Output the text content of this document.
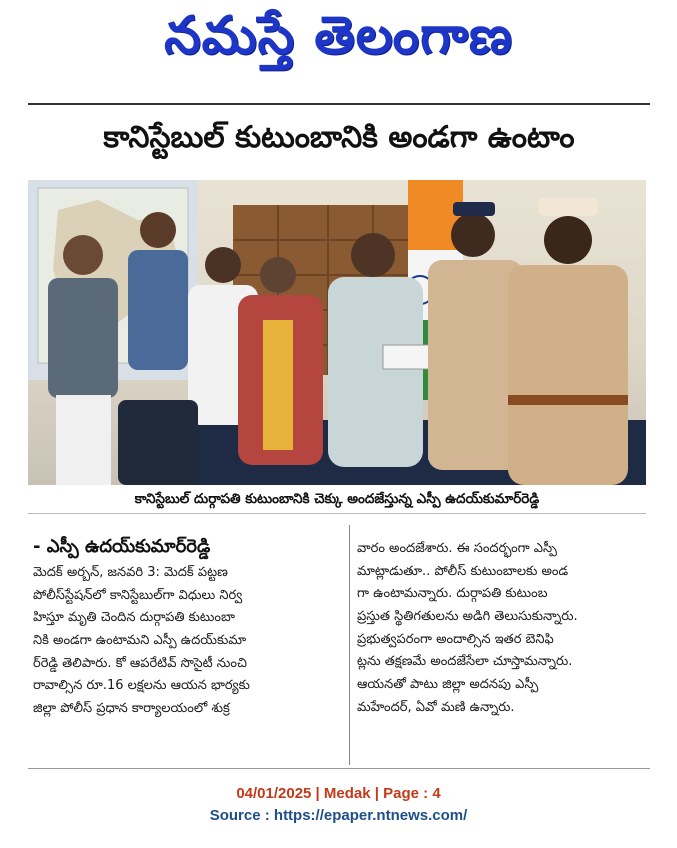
నమస్తే తెలంగాణ
కానిస్టేబుల్ కుటుంబానికి అండగా ఉంటాం
కానిస్టేబుల్ దుర్గాపతి కుటుంబానికి చెక్కు అందజేస్తున్న ఎస్పీ ఉదయ్‌కుమార్‌రెడ్డి
- ఎస్పీ ఉదయ్‌కుమార్‌రెడ్డి
మెదక్ అర్బన్, జనవరి 3: మెదక్ పట్టణ
పోలీస్‌స్టేషన్‌లో కానిస్టేబుల్‌గా విధులు నిర్వ
హిస్తూ మృతి చెందిన దుర్గాపతి కుటుంబా
నికి అండగా ఉంటామని ఎస్పీ ఉదయ్‌కుమా
ర్‌రెడ్డి తెలిపారు. కో ఆపరేటివ్ సొసైటీ నుంచి
రావాల్సిన రూ.16 లక్షలను ఆయన భార్యకు
జిల్లా పోలీస్ ప్రధాన కార్యాలయంలో శుక్ర
వారం అందజేశారు. ఈ సందర్భంగా ఎస్పీ
మాట్లాడుతూ.. పోలీస్ కుటుంబాలకు అండ
గా ఉంటామన్నారు. దుర్గాపతి కుటుంబ
ప్రస్తుత స్థితిగతులను అడిగి తెలుసుకున్నారు.
ప్రభుత్వపరంగా అందాల్సిన ఇతర బెనిఫి
ట్లను తక్షణమే అందజేసేలా చూస్తామన్నారు.
ఆయనతో పాటు జిల్లా అదనపు ఎస్పీ
మహేందర్, ఏవో మణి ఉన్నారు.
04/01/2025 | Medak | Page : 4
Source : https://epaper.ntnews.com/
